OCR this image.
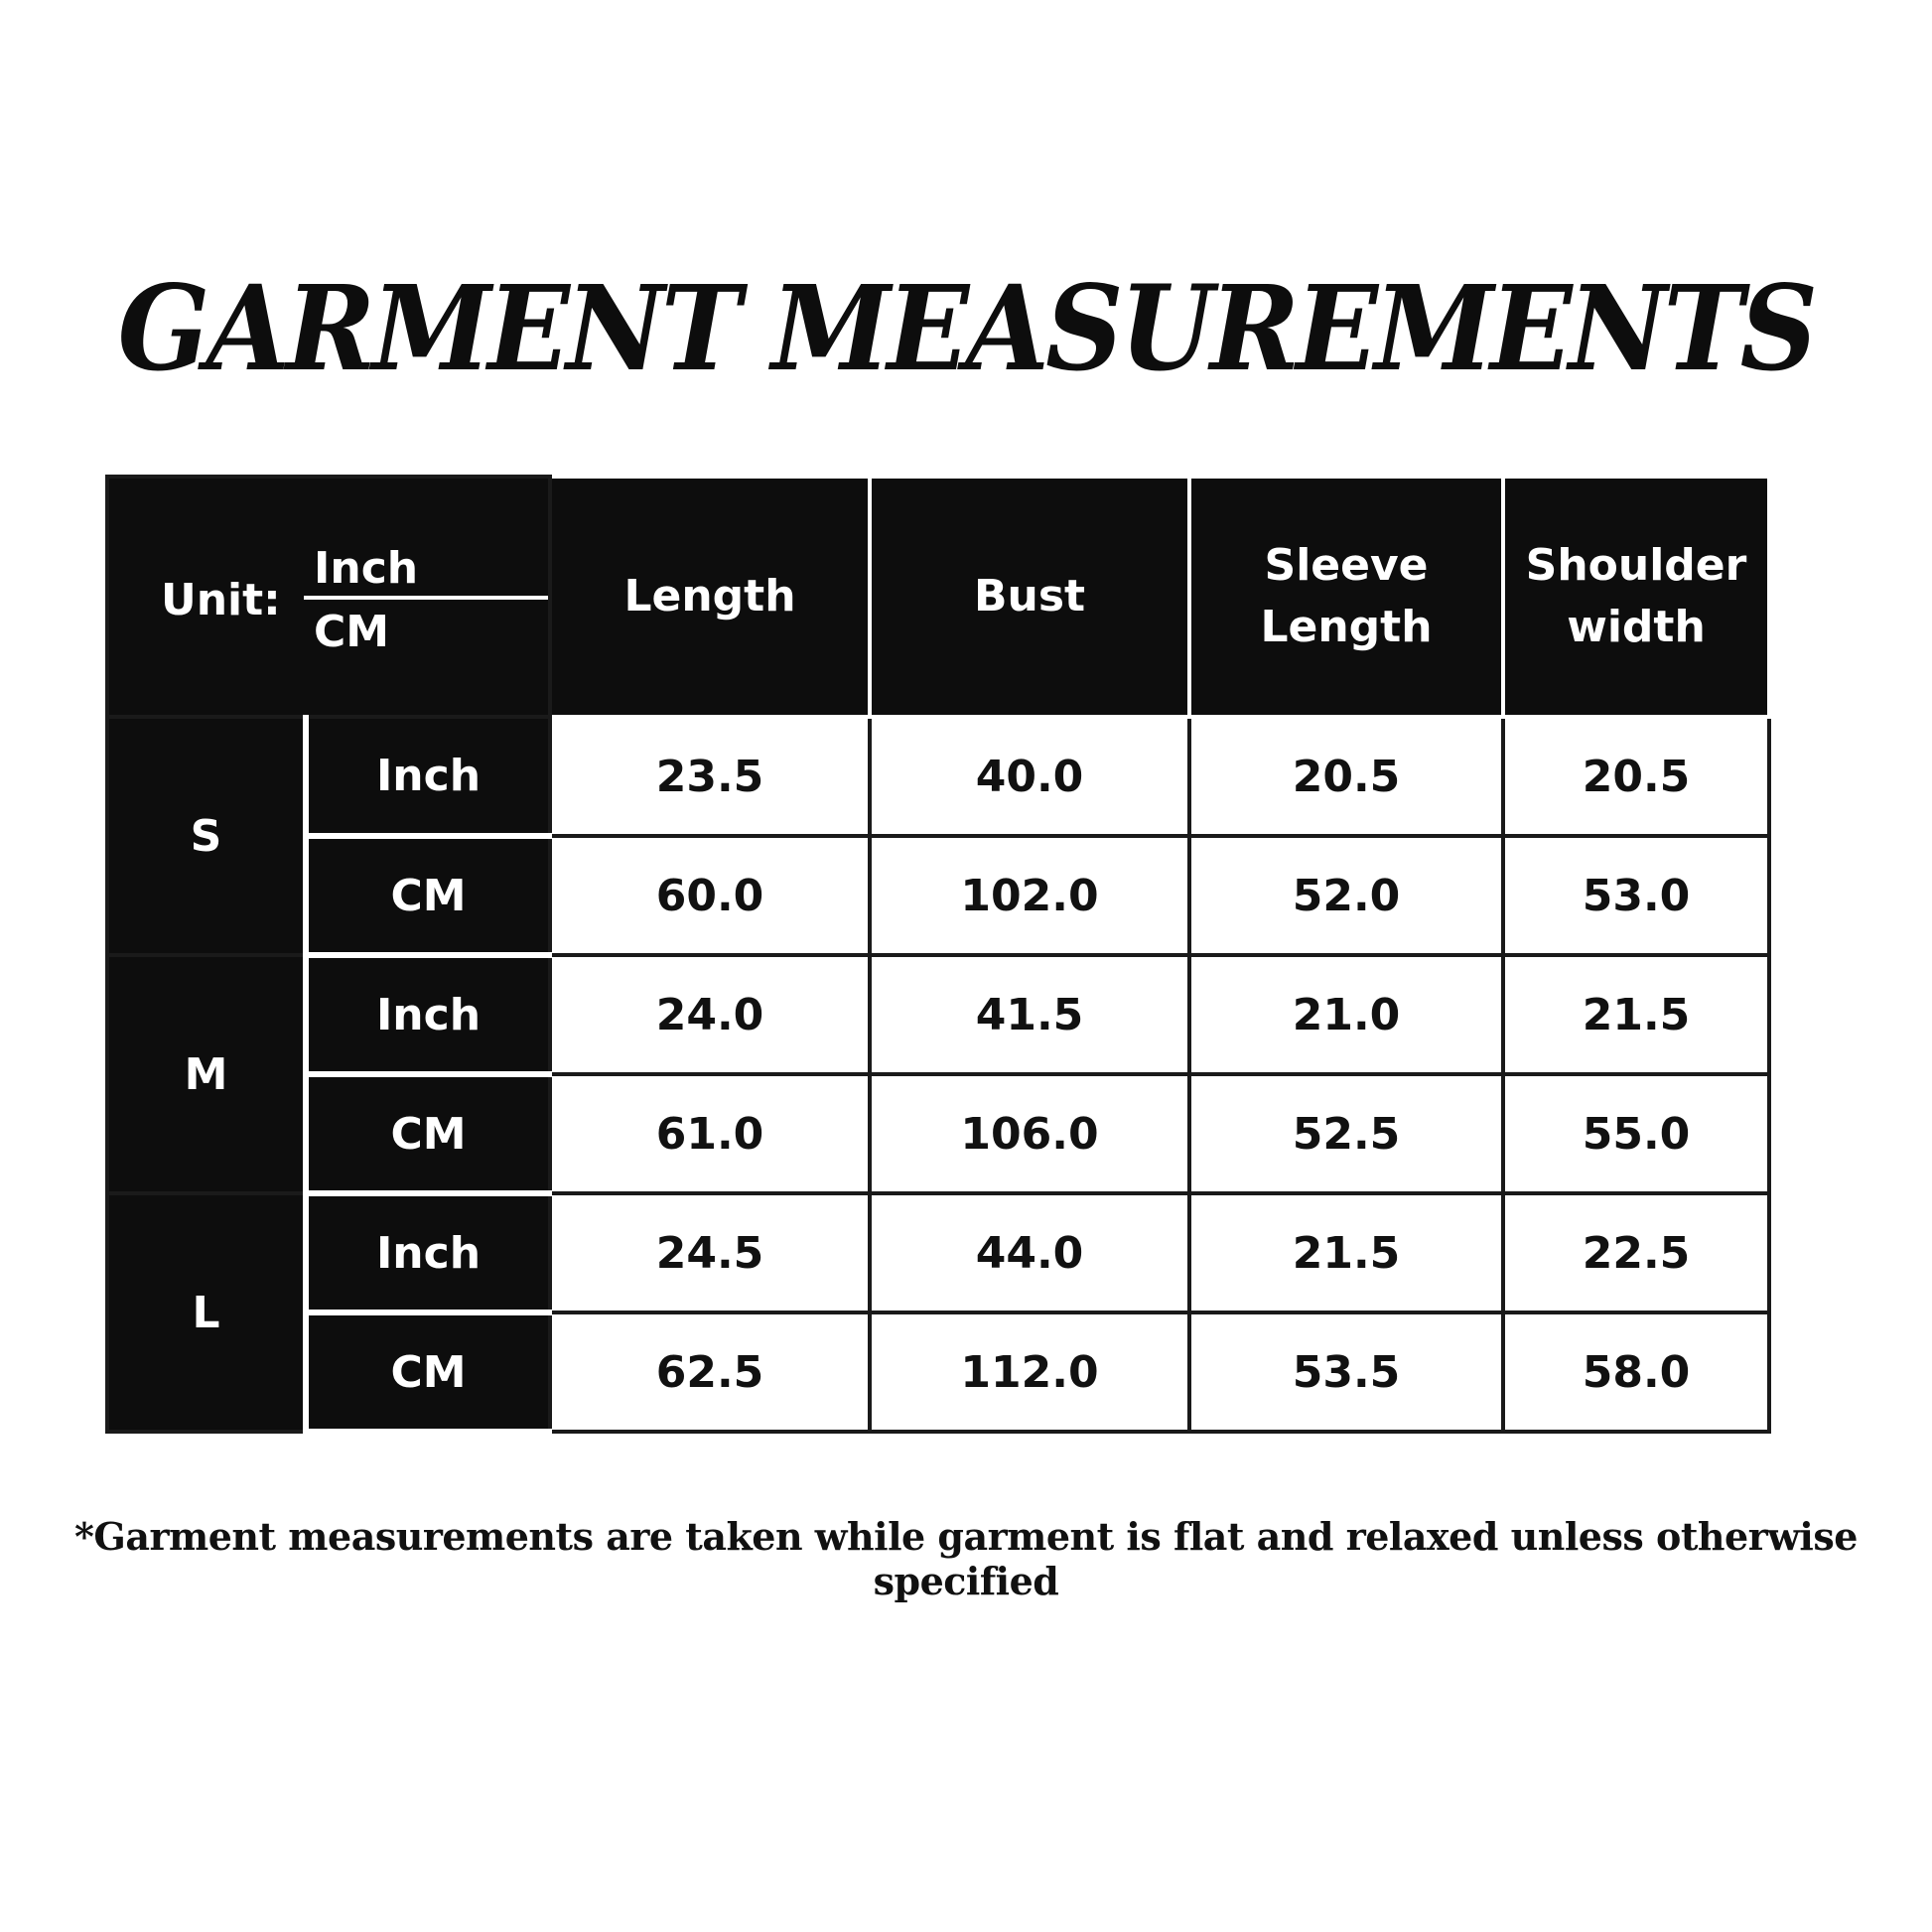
GARMENT MEASUREMENTS
Unit:
Inch
CM		Length	Bust	Sleeve Length	Shoulder width
S	Inch	23.5	40.0	20.5	20.5
	CM	60.0	102.0	52.0	53.0
M	Inch	24.0	41.5	21.0	21.5
	CM	61.0	106.0	52.5	55.0
L	Inch	24.5	44.0	21.5	22.5
	CM	62.5	112.0	53.5	58.0
*Garment measurements are taken while garment is flat and relaxed unless otherwise specified
